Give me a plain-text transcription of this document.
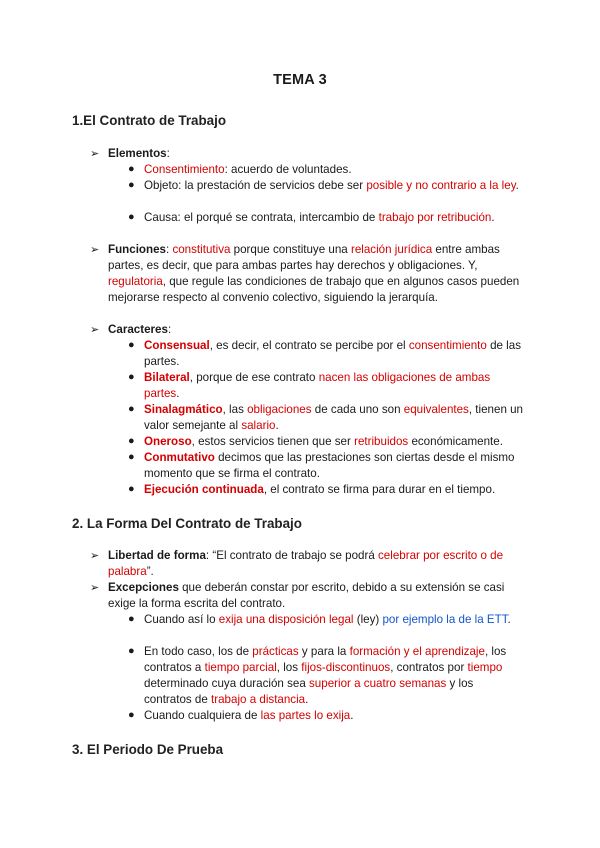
TEMA 3
1.El Contrato de Trabajo
➢ Elementos:
● Consentimiento: acuerdo de voluntades.
● Objeto: la prestación de servicios debe ser posible y no contrario a la ley.
● Causa: el porqué se contrata, intercambio de trabajo por retribución.
➢ Funciones: constitutiva porque constituye una relación jurídica entre ambas partes, es decir, que para ambas partes hay derechos y obligaciones. Y, regulatoria, que regule las condiciones de trabajo que en algunos casos pueden mejorarse respecto al convenio colectivo, siguiendo la jerarquía.
➢ Caracteres:
● Consensual, es decir, el contrato se percibe por el consentimiento de las partes.
● Bilateral, porque de ese contrato nacen las obligaciones de ambas partes.
● Sinalagmático, las obligaciones de cada uno son equivalentes, tienen un valor semejante al salario.
● Oneroso, estos servicios tienen que ser retribuidos económicamente.
● Conmutativo decimos que las prestaciones son ciertas desde el mismo momento que se firma el contrato.
● Ejecución continuada, el contrato se firma para durar en el tiempo.
2. La Forma Del Contrato de Trabajo
➢ Libertad de forma: “El contrato de trabajo se podrá celebrar por escrito o de palabra”.
➢ Excepciones que deberán constar por escrito, debido a su extensión se casi exige la forma escrita del contrato.
● Cuando así lo exija una disposición legal (ley) por ejemplo la de la ETT.
● En todo caso, los de prácticas y para la formación y el aprendizaje, los contratos a tiempo parcial, los fijos-discontinuos, contratos por tiempo determinado cuya duración sea superior a cuatro semanas y los contratos de trabajo a distancia.
● Cuando cualquiera de las partes lo exija.
3. El Periodo De Prueba
